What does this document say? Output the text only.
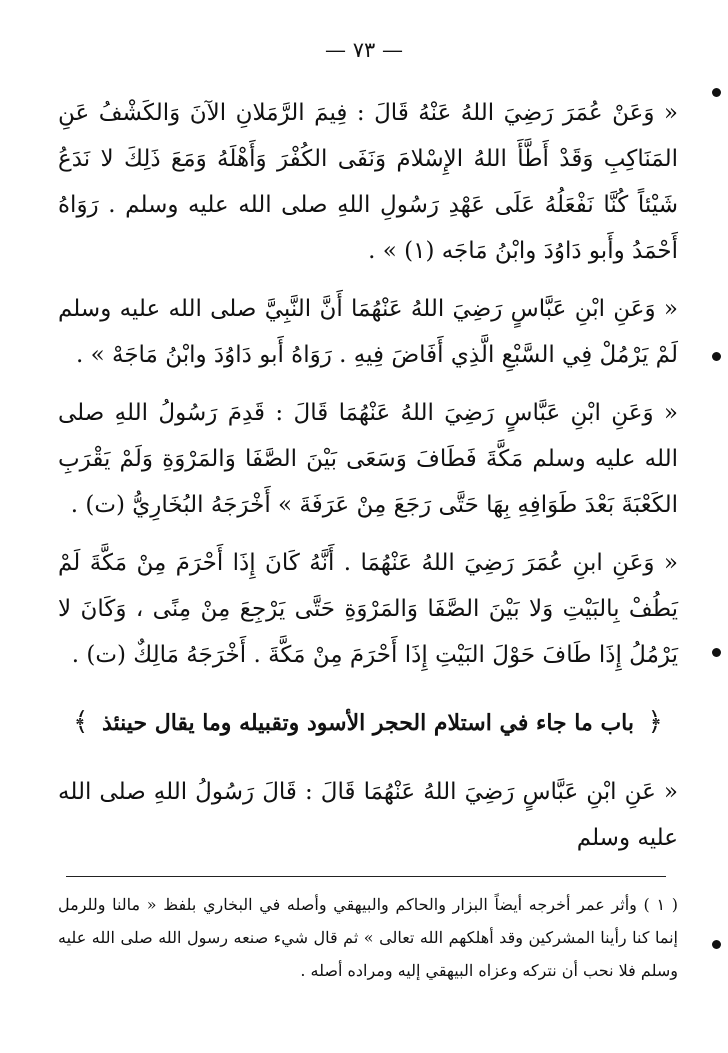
— ٧٣ —

« وَعَنْ عُمَرَ رَضِيَ اللهُ عَنْهُ قَالَ : فِيمَ الرَّمَلانِ الآنَ وَالكَشْفُ عَنِ المَنَاكِبِ وَقَدْ أَطَّأَ اللهُ الإِسْلامَ وَنَفَى الكُفْرَ وَأَهْلَهُ وَمَعَ ذَلِكَ لا نَدَعُ شَيْئاً كُنَّا نَفْعَلُهُ عَلَى عَهْدِ رَسُولِ اللهِ صلى الله عليه وسلم . رَوَاهُ أَحْمَدُ وأَبو دَاوُدَ وابْنُ مَاجَه (١) » .

« وَعَنِ ابْنِ عَبَّاسٍ رَضِيَ اللهُ عَنْهُمَا أَنَّ النَّبِيَّ صلى الله عليه وسلم لَمْ يَرْمُلْ فِي السَّبْعِ الَّذِي أَفَاضَ فِيهِ . رَوَاهُ أَبو دَاوُدَ وابْنُ مَاجَهْ » .

« وَعَنِ ابْنِ عَبَّاسٍ رَضِيَ اللهُ عَنْهُمَا قَالَ : قَدِمَ رَسُولُ اللهِ صلى الله عليه وسلم مَكَّةَ فَطَافَ وَسَعَى بَيْنَ الصَّفَا وَالمَرْوَةِ وَلَمْ يَقْرَبِ الكَعْبَةَ بَعْدَ طَوَافِهِ بِهَا حَتَّى رَجَعَ مِنْ عَرَفَةَ » أَخْرَجَهُ البُخَارِيُّ (ت) .

« وَعَنِ ابنِ عُمَرَ رَضِيَ اللهُ عَنْهُمَا . أَنَّهُ كَانَ إِذَا أَحْرَمَ مِنْ مَكَّةَ لَمْ يَطُفْ بِالبَيْتِ وَلا بَيْنَ الصَّفَا وَالمَرْوَةِ حَتَّى يَرْجِعَ مِنْ مِنًى ، وَكَانَ لا يَرْمُلُ إِذَا طَافَ حَوْلَ البَيْتِ إِذَا أَحْرَمَ مِنْ مَكَّةَ . أَخْرَجَهُ مَالِكٌ (ت) .

﴿ باب ما جاء في استلام الحجر الأسود وتقبيله وما يقال حينئذ ﴾

« عَنِ ابْنِ عَبَّاسٍ رَضِيَ اللهُ عَنْهُمَا قَالَ : قَالَ رَسُولُ اللهِ صلى الله عليه وسلم

( ١ ) وأثر عمر أخرجه أيضاً البزار والحاكم والبيهقي وأصله في البخاري بلفظ « مالنا وللرمل إنما كنا رأينا المشركين وقد أهلكهم الله تعالى » ثم قال شيء صنعه رسول الله صلى الله عليه وسلم فلا نحب أن نتركه وعزاه البيهقي إليه ومراده أصله .
